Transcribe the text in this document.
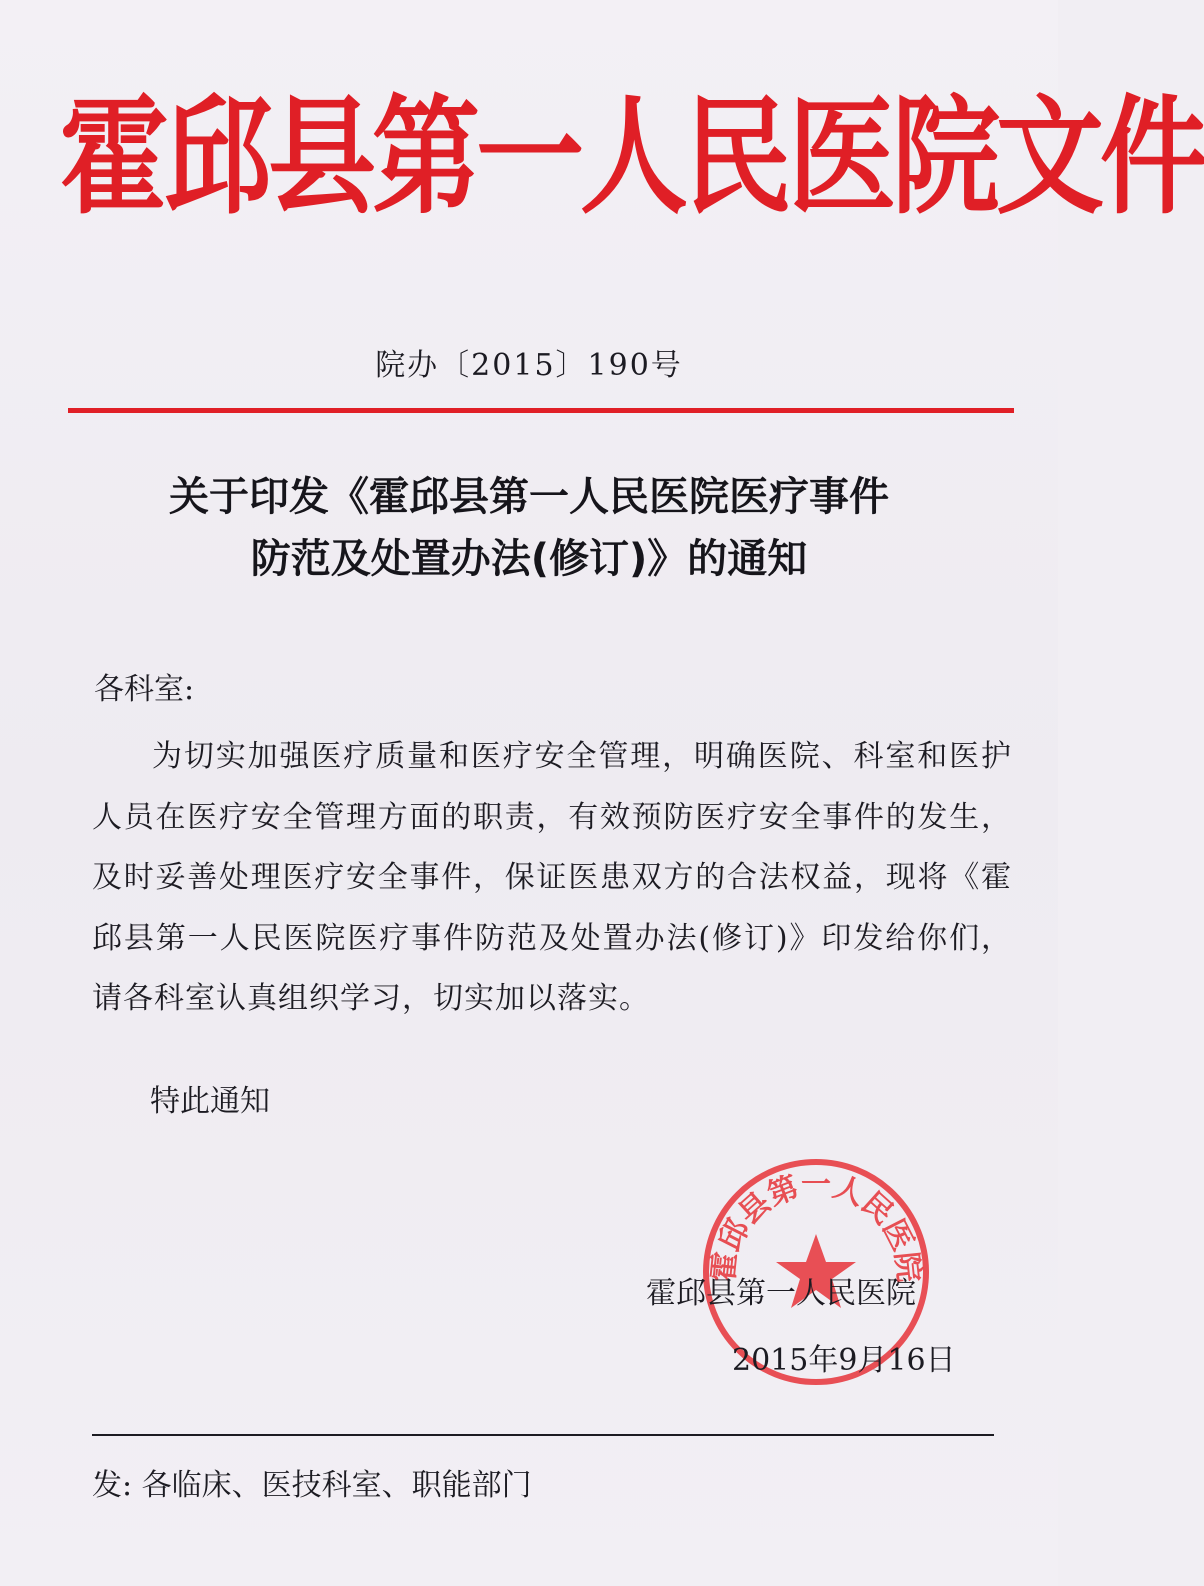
霍邱县第一人民医院文件
院办〔2015〕190号
关于印发《霍邱县第一人民医院医疗事件
防范及处置办法(修订)》的通知
各科室:
为切实加强医疗质量和医疗安全管理，明确医院、科室和医护人员在医疗安全管理方面的职责，有效预防医疗安全事件的发生，及时妥善处理医疗安全事件，保证医患双方的合法权益，现将《霍邱县第一人民医院医疗事件防范及处置办法(修订)》印发给你们，请各科室认真组织学习，切实加以落实。
特此通知
霍邱县第一人民医院
霍邱县第一人民医院
2015年9月16日
发: 各临床、医技科室、职能部门
